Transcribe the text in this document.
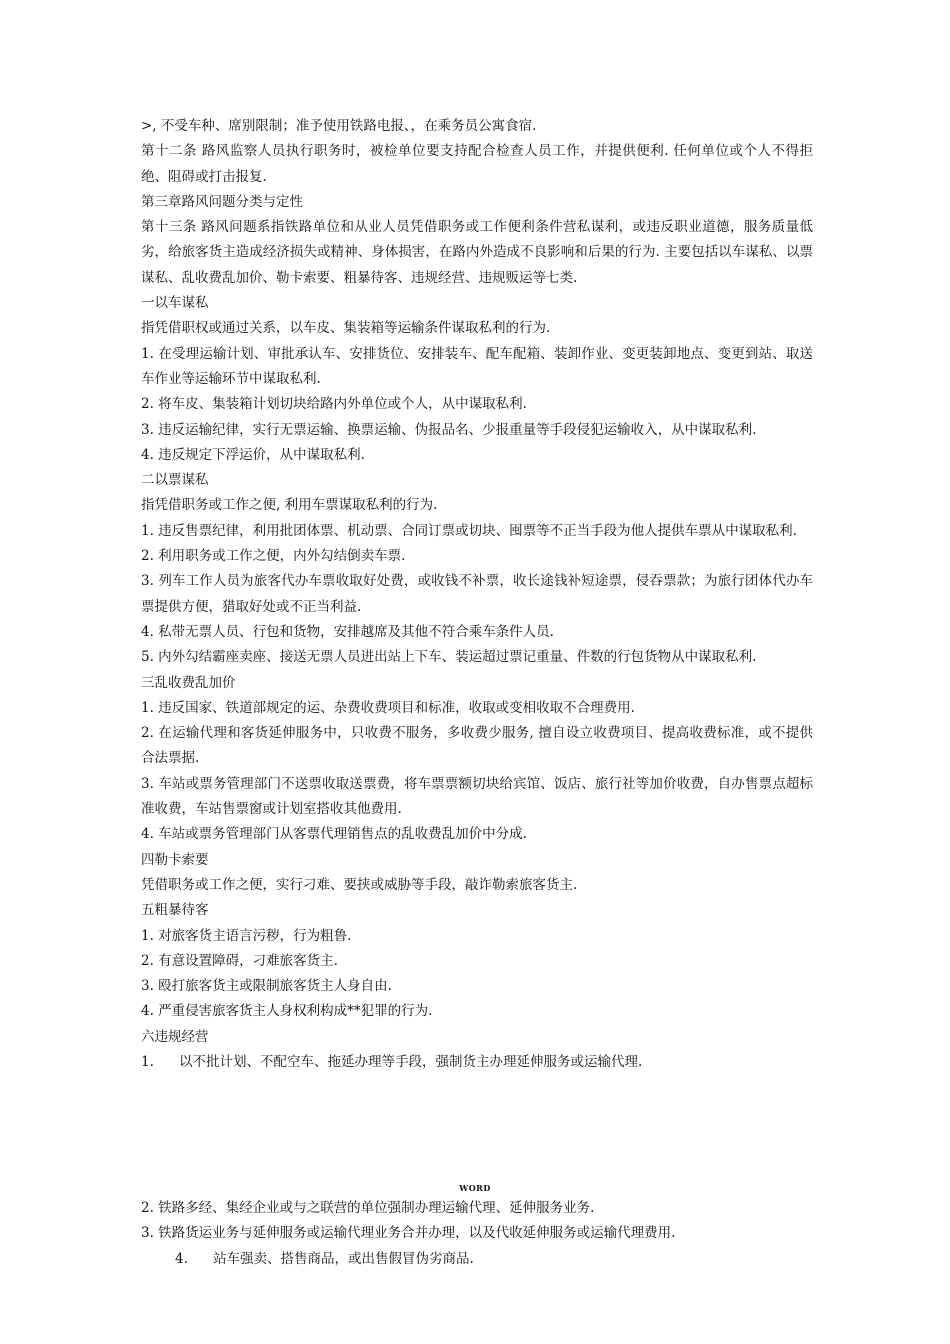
>, 不受车种、席别限制；准予使用铁路电报、，在乘务员公寓食宿.

第十二条 路风监察人员执行职务时，被检单位要支持配合检查人员工作，并提供便利. 任何单位或个人不得拒绝、阻碍或打击报复.

第三章路风问题分类与定性

第十三条 路风问题系指铁路单位和从业人员凭借职务或工作便利条件营私谋利，或违反职业道德，服务质量低劣，给旅客货主造成经济损失或精神、身体损害，在路内外造成不良影响和后果的行为. 主要包括以车谋私、以票谋私、乱收费乱加价、勒卡索要、粗暴待客、违规经营、违规贩运等七类.

一以车谋私

指凭借职权或通过关系，以车皮、集装箱等运输条件谋取私利的行为.

1. 在受理运输计划、审批承认车、安排货位、安排装车、配车配箱、装卸作业、变更装卸地点、变更到站、取送车作业等运输环节中谋取私利.

2. 将车皮、集装箱计划切块给路内外单位或个人，从中谋取私利.

3. 违反运输纪律，实行无票运输、换票运输、伪报品名、少报重量等手段侵犯运输收入，从中谋取私利.

4. 违反规定下浮运价，从中谋取私利.

二以票谋私

指凭借职务或工作之便, 利用车票谋取私利的行为.

1. 违反售票纪律，利用批团体票、机动票、合同订票或切块、囤票等不正当手段为他人提供车票从中谋取私利.

2. 利用职务或工作之便，内外勾结倒卖车票.

3. 列车工作人员为旅客代办车票收取好处费，或收钱不补票，收长途钱补短途票，侵吞票款；为旅行团体代办车票提供方便，猎取好处或不正当利益.

4. 私带无票人员、行包和货物，安排越席及其他不符合乘车条件人员.

5. 内外勾结霸座卖座、接送无票人员进出站上下车、装运超过票记重量、件数的行包货物从中谋取私利.

三乱收费乱加价

1. 违反国家、铁道部规定的运、杂费收费项目和标准，收取或变相收取不合理费用.

2. 在运输代理和客货延伸服务中，只收费不服务，多收费少服务, 擅自设立收费项目、提高收费标准，或不提供合法票据.

3. 车站或票务管理部门不送票收取送票费，将车票票额切块给宾馆、饭店、旅行社等加价收费，自办售票点超标准收费，车站售票窗或计划室搭收其他费用.

4. 车站或票务管理部门从客票代理销售点的乱收费乱加价中分成.

四勒卡索要

凭借职务或工作之便，实行刁难、要挟或威胁等手段，敲诈勒索旅客货主.

五粗暴待客

1. 对旅客货主语言污秽，行为粗鲁.

2. 有意设置障碍，刁难旅客货主.

3. 殴打旅客货主或限制旅客货主人身自由.

4. 严重侵害旅客货主人身权利构成**犯罪的行为.

六违规经营

1. 以不批计划、不配空车、拖延办理等手段，强制货主办理延伸服务或运输代理.

WORD

2. 铁路多经、集经企业或与之联营的单位强制办理运输代理、延伸服务业务.

3. 铁路货运业务与延伸服务或运输代理业务合并办理，以及代收延伸服务或运输代理费用.

4. 站车强卖、搭售商品，或出售假冒伪劣商品.
